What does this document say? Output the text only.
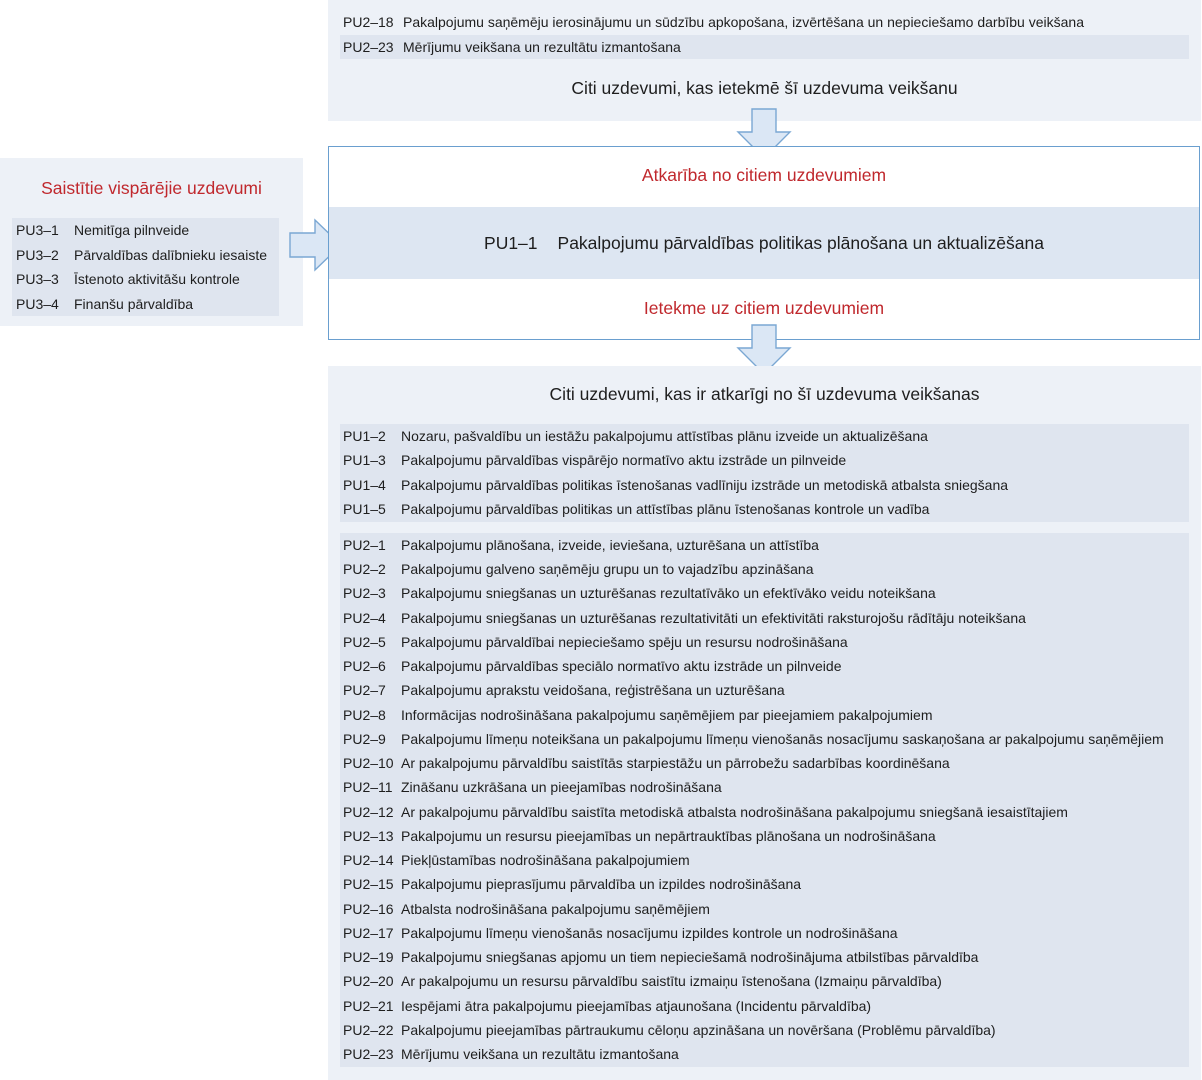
PU2–18 Pakalpojumu saņēmēju ierosinājumu un sūdzību apkopošana, izvērtēšana un nepieciešamo darbību veikšana
PU2–23 Mērījumu veikšana un rezultātu izmantošana
Citi uzdevumi, kas ietekmē šī uzdevuma veikšanu
Saistītie vispārējie uzdevumi
PU3–1	Nemitīga pilnveide
PU3–2	Pārvaldības dalībnieku iesaiste
PU3–3	Īstenoto aktivitāšu kontrole
PU3–4	Finanšu pārvaldība
Atkarība no citiem uzdevumiem
PU1–1 Pakalpojumu pārvaldības politikas plānošana un aktualizēšana
Ietekme uz citiem uzdevumiem
Citi uzdevumi, kas ir atkarīgi no šī uzdevuma veikšanas
PU1–2	Nozaru, pašvaldību un iestāžu pakalpojumu attīstības plānu izveide un aktualizēšana
PU1–3	Pakalpojumu pārvaldības vispārējo normatīvo aktu izstrāde un pilnveide
PU1–4	Pakalpojumu pārvaldības politikas īstenošanas vadlīniju izstrāde un metodiskā atbalsta sniegšana
PU1–5	Pakalpojumu pārvaldības politikas un attīstības plānu īstenošanas kontrole un vadība
PU2–1	Pakalpojumu plānošana, izveide, ieviešana, uzturēšana un attīstība
PU2–2	Pakalpojumu galveno saņēmēju grupu un to vajadzību apzināšana
PU2–3	Pakalpojumu sniegšanas un uzturēšanas rezultatīvāko un efektīvāko veidu noteikšana
PU2–4	Pakalpojumu sniegšanas un uzturēšanas rezultativitāti un efektivitāti raksturojošu rādītāju noteikšana
PU2–5	Pakalpojumu pārvaldībai nepieciešamo spēju un resursu nodrošināšana
PU2–6	Pakalpojumu pārvaldības speciālo normatīvo aktu izstrāde un pilnveide
PU2–7	Pakalpojumu aprakstu veidošana, reģistrēšana un uzturēšana
PU2–8	Informācijas nodrošināšana pakalpojumu saņēmējiem par pieejamiem pakalpojumiem
PU2–9	Pakalpojumu līmeņu noteikšana un pakalpojumu līmeņu vienošanās nosacījumu saskaņošana ar pakalpojumu saņēmējiem
PU2–10 Ar pakalpojumu pārvaldību saistītās starpiestāžu un pārrobežu sadarbības koordinēšana
PU2–11 Zināšanu uzkrāšana un pieejamības nodrošināšana
PU2–12 Ar pakalpojumu pārvaldību saistīta metodiskā atbalsta nodrošināšana pakalpojumu sniegšanā iesaistītajiem
PU2–13 Pakalpojumu un resursu pieejamības un nepārtrauktības plānošana un nodrošināšana
PU2–14 Piekļūstamības nodrošināšana pakalpojumiem
PU2–15 Pakalpojumu pieprasījumu pārvaldība un izpildes nodrošināšana
PU2–16 Atbalsta nodrošināšana pakalpojumu saņēmējiem
PU2–17 Pakalpojumu līmeņu vienošanās nosacījumu izpildes kontrole un nodrošināšana
PU2–19 Pakalpojumu sniegšanas apjomu un tiem nepieciešamā nodrošinājuma atbilstības pārvaldība
PU2–20 Ar pakalpojumu un resursu pārvaldību saistītu izmaiņu īstenošana (Izmaiņu pārvaldība)
PU2–21 Iespējami ātra pakalpojumu pieejamības atjaunošana (Incidentu pārvaldība)
PU2–22 Pakalpojumu pieejamības pārtraukumu cēloņu apzināšana un novēršana (Problēmu pārvaldība)
PU2–23 Mērījumu veikšana un rezultātu izmantošana
